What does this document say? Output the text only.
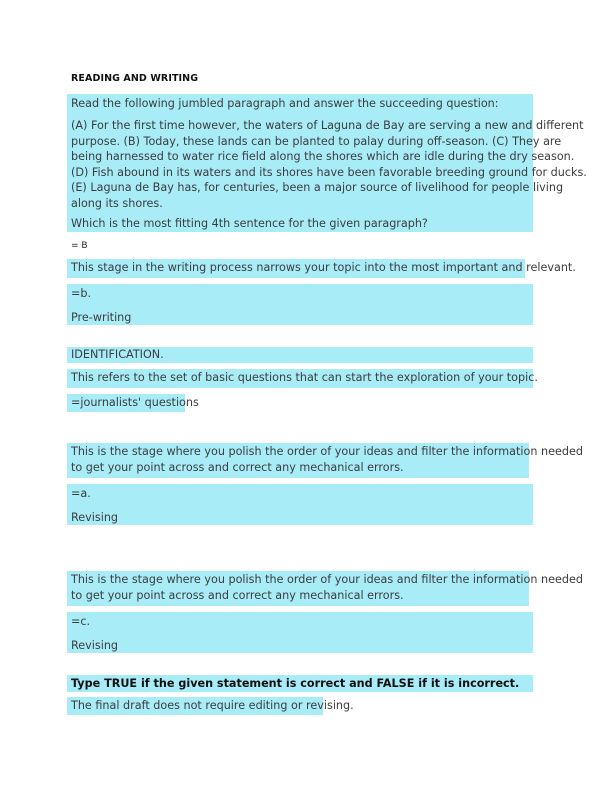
READING AND WRITING
Read the following jumbled paragraph and answer the succeeding question:
(A) For the first time however, the waters of Laguna de Bay are serving a new and different
purpose. (B) Today, these lands can be planted to palay during off-season. (C) They are
being harnessed to water rice field along the shores which are idle during the dry season.
(D) Fish abound in its waters and its shores have been favorable breeding ground for ducks.
(E) Laguna de Bay has, for centuries, been a major source of livelihood for people living
along its shores.
Which is the most fitting 4th sentence for the given paragraph?
= B
This stage in the writing process narrows your topic into the most important and relevant.
=b.
Pre-writing
IDENTIFICATION.
This refers to the set of basic questions that can start the exploration of your topic.
=journalists' questions
This is the stage where you polish the order of your ideas and filter the information needed
to get your point across and correct any mechanical errors.
=a.
Revising
This is the stage where you polish the order of your ideas and filter the information needed
to get your point across and correct any mechanical errors.
=c.
Revising
Type TRUE if the given statement is correct and FALSE if it is incorrect.
The final draft does not require editing or revising.
